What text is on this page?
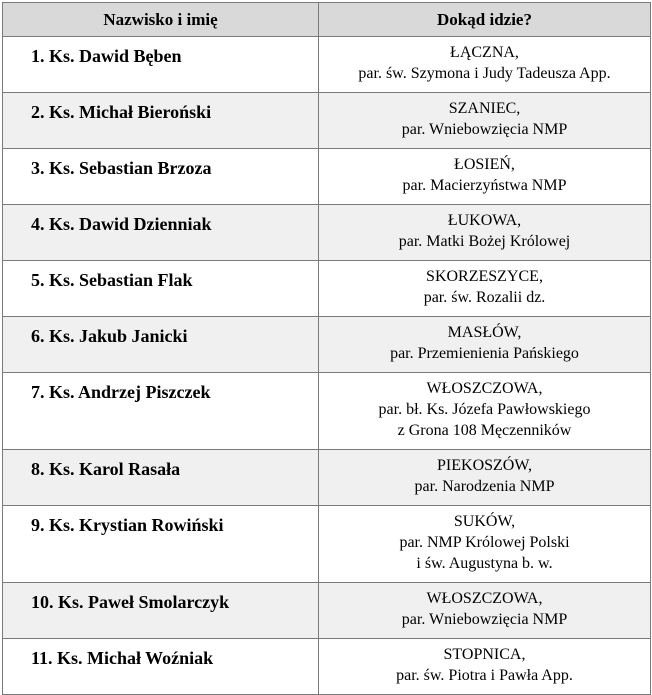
Nazwisko i imię	Dokąd idzie?
1. Ks. Dawid Bęben	ŁĄCZNA,
par. św. Szymona i Judy Tadeusza App.

2. Ks. Michał Bieroński	SZANIEC,
par. Wniebowzięcia NMP

3. Ks. Sebastian Brzoza	ŁOSIEŃ,
par. Macierzyństwa NMP

4. Ks. Dawid Dzienniak	ŁUKOWA,
par. Matki Bożej Królowej

5. Ks. Sebastian Flak	SKORZESZYCE,
par. św. Rozalii dz.

6. Ks. Jakub Janicki	MASŁÓW,
par. Przemienienia Pańskiego

7. Ks. Andrzej Piszczek	WŁOSZCZOWA,
par. bł. Ks. Józefa Pawłowskiego
z Grona 108 Męczenników

8. Ks. Karol Rasała	PIEKOSZÓW,
par. Narodzenia NMP

9. Ks. Krystian Rowiński	SUKÓW,
par. NMP Królowej Polski
i św. Augustyna b. w.

10. Ks. Paweł Smolarczyk	WŁOSZCZOWA,
par. Wniebowzięcia NMP

11. Ks. Michał Woźniak	STOPNICA,
par. św. Piotra i Pawła App.
